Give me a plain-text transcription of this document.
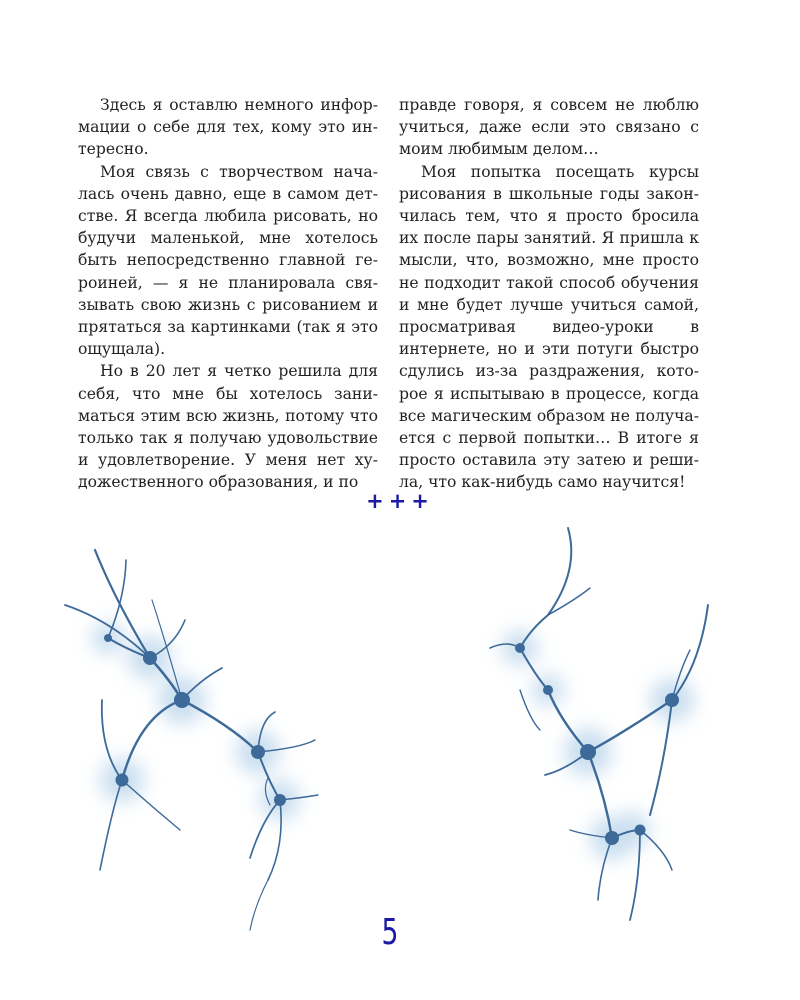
Здесь я оставлю немного информации о себе для тех, кому это интересно.

Моя связь с творчеством началась очень давно, еще в самом детстве. Я всегда любила рисовать, но будучи маленькой, мне хотелось быть непосредственно главной героиней, — я не планировала связывать свою жизнь с рисованием и прятаться за картинками (так я это ощущала).

Но в 20 лет я четко решила для себя, что мне бы хотелось заниматься этим всю жизнь, потому что только так я получаю удовольствие и удовлетворение. У меня нет художественного образования, и по

правде говоря, я совсем не люблю учиться, даже если это связано с моим любимым делом…

Моя попытка посещать курсы рисования в школьные годы закончилась тем, что я просто бросила их после пары занятий. Я пришла к мысли, что, возможно, мне просто не подходит такой способ обучения и мне будет лучше учиться самой, просматривая видео-уроки в интернете, но и эти потуги быстро сдулись из-за раздражения, которое я испытываю в процессе, когда все магическим образом не получается с первой попытки… В итоге я просто оставила эту затею и решила, что как-нибудь само научится!

+++
5
